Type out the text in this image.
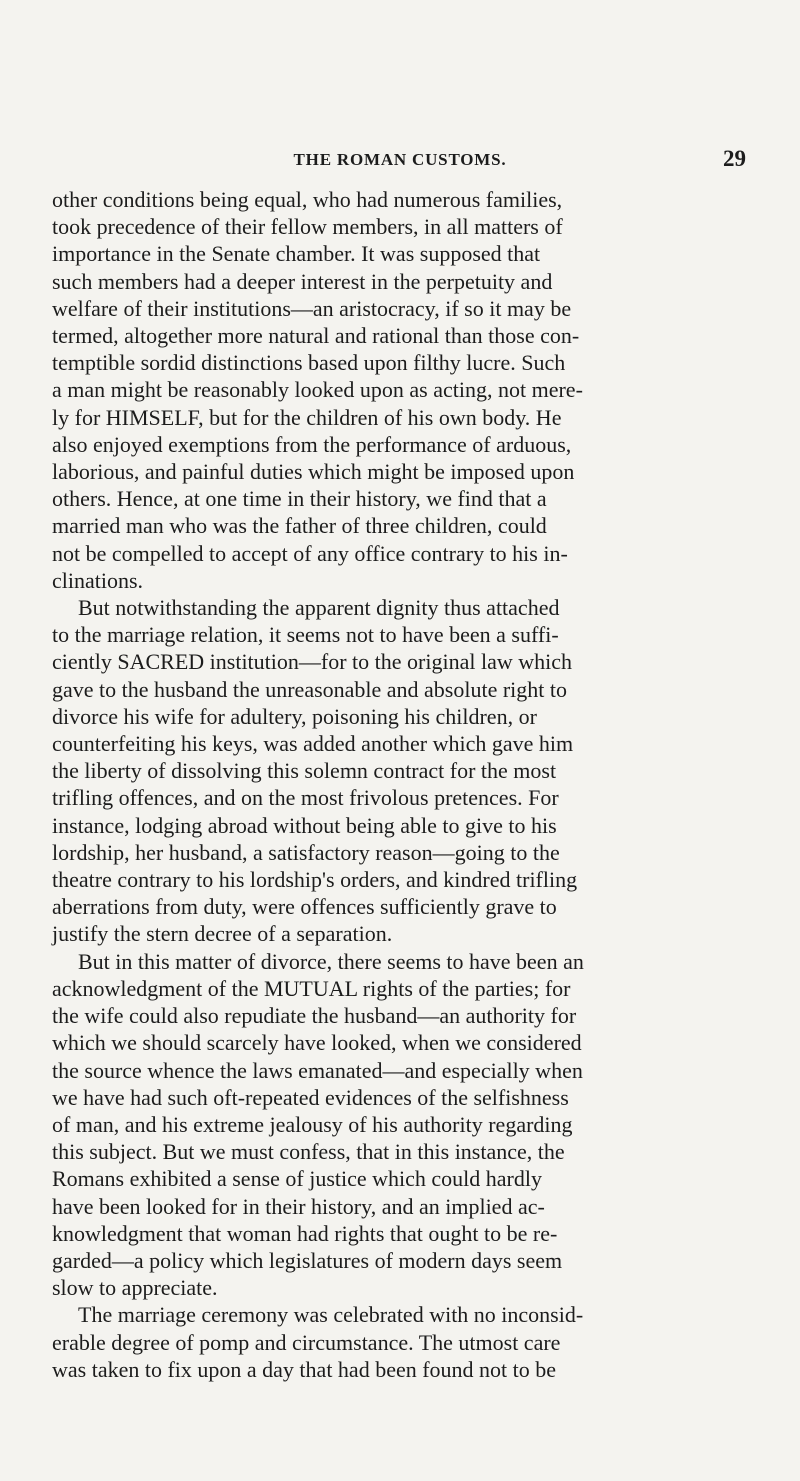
THE ROMAN CUSTOMS.	29
other conditions being equal, who had numerous families,
took precedence of their fellow members, in all matters of
importance in the Senate chamber. It was supposed that
such members had a deeper interest in the perpetuity and
welfare of their institutions—an aristocracy, if so it may be
termed, altogether more natural and rational than those con-
temptible sordid distinctions based upon filthy lucre. Such
a man might be reasonably looked upon as acting, not mere-
ly for HIMSELF, but for the children of his own body. He
also enjoyed exemptions from the performance of arduous,
laborious, and painful duties which might be imposed upon
others. Hence, at one time in their history, we find that a
married man who was the father of three children, could
not be compelled to accept of any office contrary to his in-
clinations.
But notwithstanding the apparent dignity thus attached
to the marriage relation, it seems not to have been a suffi-
ciently SACRED institution—for to the original law which
gave to the husband the unreasonable and absolute right to
divorce his wife for adultery, poisoning his children, or
counterfeiting his keys, was added another which gave him
the liberty of dissolving this solemn contract for the most
trifling offences, and on the most frivolous pretences. For
instance, lodging abroad without being able to give to his
lordship, her husband, a satisfactory reason—going to the
theatre contrary to his lordship's orders, and kindred trifling
aberrations from duty, were offences sufficiently grave to
justify the stern decree of a separation.
But in this matter of divorce, there seems to have been an
acknowledgment of the MUTUAL rights of the parties; for
the wife could also repudiate the husband—an authority for
which we should scarcely have looked, when we considered
the source whence the laws emanated—and especially when
we have had such oft-repeated evidences of the selfishness
of man, and his extreme jealousy of his authority regarding
this subject. But we must confess, that in this instance, the
Romans exhibited a sense of justice which could hardly
have been looked for in their history, and an implied ac-
knowledgment that woman had rights that ought to be re-
garded—a policy which legislatures of modern days seem
slow to appreciate.
The marriage ceremony was celebrated with no inconsid-
erable degree of pomp and circumstance. The utmost care
was taken to fix upon a day that had been found not to be
